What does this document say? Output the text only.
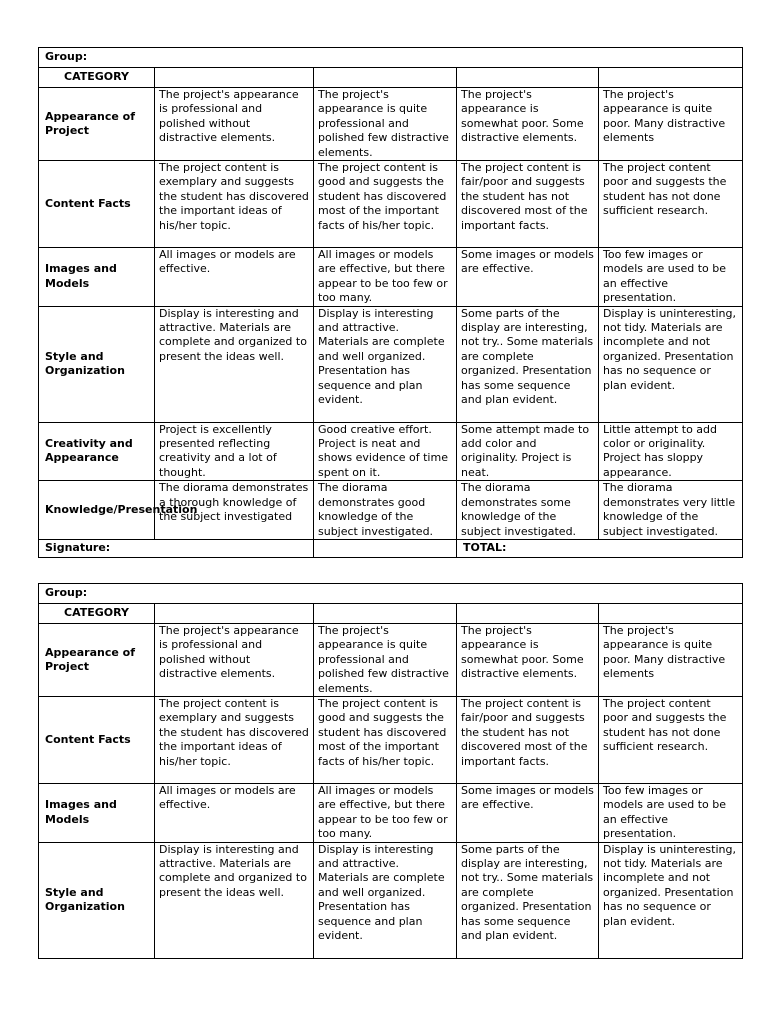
Group:				
CATEGORY				
Appearance of Project	The project's appearance is professional and polished without distractive elements.	The project's appearance is quite professional and polished few distractive elements.	The project's appearance is somewhat poor. Some distractive elements.	The project's appearance is quite poor. Many distractive elements
Content Facts	The project content is exemplary and suggests the student has discovered the important ideas of his/her topic.	The project content is good and suggests the student has discovered most of the important facts of his/her topic.	The project content is fair/poor and suggests the student has not discovered most of the important facts.	The project content poor and suggests the student has not done sufficient research.
Images and Models	All images or models are effective.	All images or models are effective, but there appear to be too few or too many.	Some images or models are effective.	Too few images or models are used to be an effective presentation.
Style and Organization	Display is interesting and attractive. Materials are complete and organized to present the ideas well.	Display is interesting and attractive. Materials are complete and well organized. Presentation has sequence and plan evident.	Some parts of the display are interesting, not try.. Some materials are complete organized. Presentation has some sequence and plan evident.	Display is uninteresting, not tidy. Materials are incomplete and not organized. Presentation has no sequence or plan evident.
Creativity and Appearance	Project is excellently presented reflecting creativity and a lot of thought.	Good creative effort. Project is neat and shows evidence of time spent on it.	Some attempt made to add color and originality. Project is neat.	Little attempt to add color or originality. Project has sloppy appearance.
Knowledge/Presentation	The diorama demonstrates a thorough knowledge of the subject investigated	The diorama demonstrates good knowledge of the subject investigated.	The diorama demonstrates some knowledge of the subject investigated.	The diorama demonstrates very little knowledge of the subject investigated.
Signature:			TOTAL:	
Group:				
CATEGORY				
Appearance of Project	The project's appearance is professional and polished without distractive elements.	The project's appearance is quite professional and polished few distractive elements.	The project's appearance is somewhat poor. Some distractive elements.	The project's appearance is quite poor. Many distractive elements
Content Facts	The project content is exemplary and suggests the student has discovered the important ideas of his/her topic.	The project content is good and suggests the student has discovered most of the important facts of his/her topic.	The project content is fair/poor and suggests the student has not discovered most of the important facts.	The project content poor and suggests the student has not done sufficient research.
Images and Models	All images or models are effective.	All images or models are effective, but there appear to be too few or too many.	Some images or models are effective.	Too few images or models are used to be an effective presentation.
Style and Organization	Display is interesting and attractive. Materials are complete and organized to present the ideas well.	Display is interesting and attractive. Materials are complete and well organized. Presentation has sequence and plan evident.	Some parts of the display are interesting, not try.. Some materials are complete organized. Presentation has some sequence and plan evident.	Display is uninteresting, not tidy. Materials are incomplete and not organized. Presentation has no sequence or plan evident.
